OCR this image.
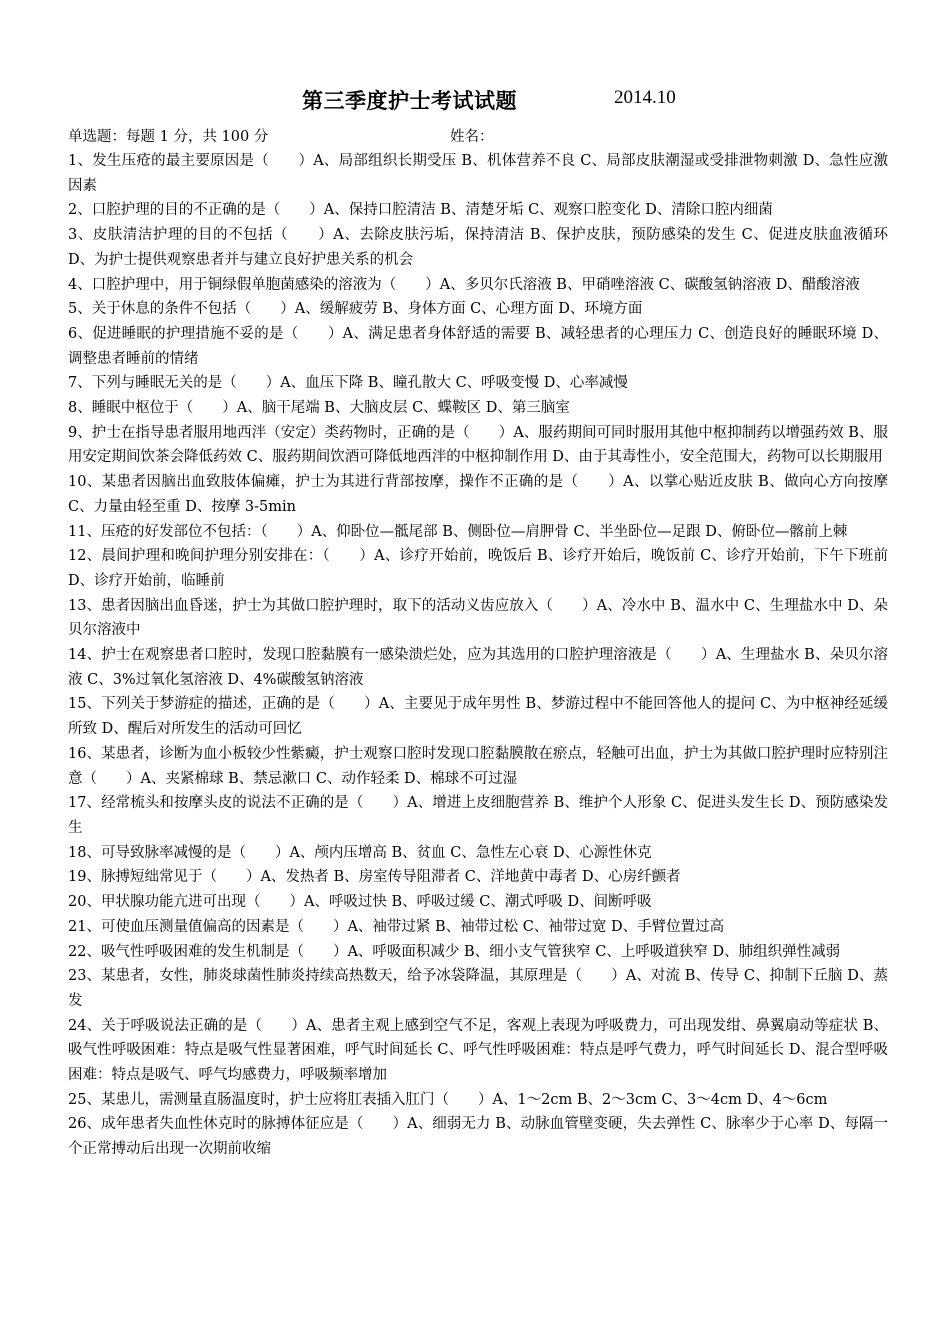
第三季度护士考试试题	2014.10
单选题：每题 1 分，共 100 分	姓名：

1、发生压疮的最主要原因是（　　）A、局部组织长期受压 B、机体营养不良 C、局部皮肤潮湿或受排泄物刺激 D、急性应激因素

2、口腔护理的目的不正确的是（　　）A、保持口腔清洁 B、清楚牙垢 C、观察口腔变化 D、清除口腔内细菌

3、皮肤清洁护理的目的不包括（　　）A、去除皮肤污垢，保持清洁 B、保护皮肤，预防感染的发生 C、促进皮肤血液循环 D、为护士提供观察患者并与建立良好护患关系的机会

4、口腔护理中，用于铜绿假单胞菌感染的溶液为（　　）A、多贝尔氏溶液 B、甲硝唑溶液 C、碳酸氢钠溶液 D、醋酸溶液

5、关于休息的条件不包括（　　）A、缓解疲劳 B、身体方面 C、心理方面 D、环境方面

6、促进睡眠的护理措施不妥的是（　　）A、满足患者身体舒适的需要 B、减轻患者的心理压力 C、创造良好的睡眠环境 D、调整患者睡前的情绪

7、下列与睡眠无关的是（　　）A、血压下降 B、瞳孔散大 C、呼吸变慢 D、心率减慢

8、睡眠中枢位于（　　）A、脑干尾端 B、大脑皮层 C、蝶鞍区 D、第三脑室

9、护士在指导患者服用地西泮（安定）类药物时，正确的是（　　）A、服药期间可同时服用其他中枢抑制药以增强药效 B、服用安定期间饮茶会降低药效 C、服药期间饮酒可降低地西泮的中枢抑制作用 D、由于其毒性小，安全范围大，药物可以长期服用

10、某患者因脑出血致肢体偏瘫，护士为其进行背部按摩，操作不正确的是（　　）A、以掌心贴近皮肤 B、做向心方向按摩 C、力量由轻至重 D、按摩 3-5min

11、压疮的好发部位不包括：（　　）A、仰卧位—骶尾部 B、侧卧位—肩胛骨 C、半坐卧位—足跟 D、俯卧位—髂前上棘

12、晨间护理和晚间护理分别安排在：（　　）A、诊疗开始前，晚饭后 B、诊疗开始后，晚饭前 C、诊疗开始前，下午下班前 D、诊疗开始前，临睡前

13、患者因脑出血昏迷，护士为其做口腔护理时，取下的活动义齿应放入（　　）A、冷水中 B、温水中 C、生理盐水中 D、朵贝尔溶液中

14、护士在观察患者口腔时，发现口腔黏膜有一感染溃烂处，应为其选用的口腔护理溶液是（　　）A、生理盐水 B、朵贝尔溶液 C、3%过氧化氢溶液 D、4%碳酸氢钠溶液

15、下列关于梦游症的描述，正确的是（　　）A、主要见于成年男性 B、梦游过程中不能回答他人的提问 C、为中枢神经延缓所致 D、醒后对所发生的活动可回忆

16、某患者，诊断为血小板较少性紫癜，护士观察口腔时发现口腔黏膜散在瘀点，轻触可出血，护士为其做口腔护理时应特别注意（　　）A、夹紧棉球 B、禁忌漱口 C、动作轻柔 D、棉球不可过湿

17、经常梳头和按摩头皮的说法不正确的是（　　）A、增进上皮细胞营养 B、维护个人形象 C、促进头发生长 D、预防感染发生

18、可导致脉率减慢的是（　　）A、颅内压增高 B、贫血 C、急性左心衰 D、心源性休克

19、脉搏短绌常见于（　　）A、发热者 B、房室传导阻滞者 C、洋地黄中毒者 D、心房纤颤者

20、甲状腺功能亢进可出现（　　）A、呼吸过快 B、呼吸过缓 C、潮式呼吸 D、间断呼吸

21、可使血压测量值偏高的因素是（　　）A、袖带过紧 B、袖带过松 C、袖带过宽 D、手臂位置过高

22、吸气性呼吸困难的发生机制是（　　）A、呼吸面积减少 B、细小支气管狭窄 C、上呼吸道狭窄 D、肺组织弹性减弱

23、某患者，女性，肺炎球菌性肺炎持续高热数天，给予冰袋降温，其原理是（　　）A、对流 B、传导 C、抑制下丘脑 D、蒸发

24、关于呼吸说法正确的是（　　）A、患者主观上感到空气不足，客观上表现为呼吸费力，可出现发绀、鼻翼扇动等症状 B、吸气性呼吸困难：特点是吸气性显著困难，呼气时间延长 C、呼气性呼吸困难：特点是呼气费力，呼气时间延长 D、混合型呼吸困难：特点是吸气、呼气均感费力，呼吸频率增加

25、某患儿，需测量直肠温度时，护士应将肛表插入肛门（　　）A、1～2cm B、2～3cm C、3～4cm D、4～6cm

26、成年患者失血性休克时的脉搏体征应是（　　）A、细弱无力 B、动脉血管壁变硬，失去弹性 C、脉率少于心率 D、每隔一个正常搏动后出现一次期前收缩
